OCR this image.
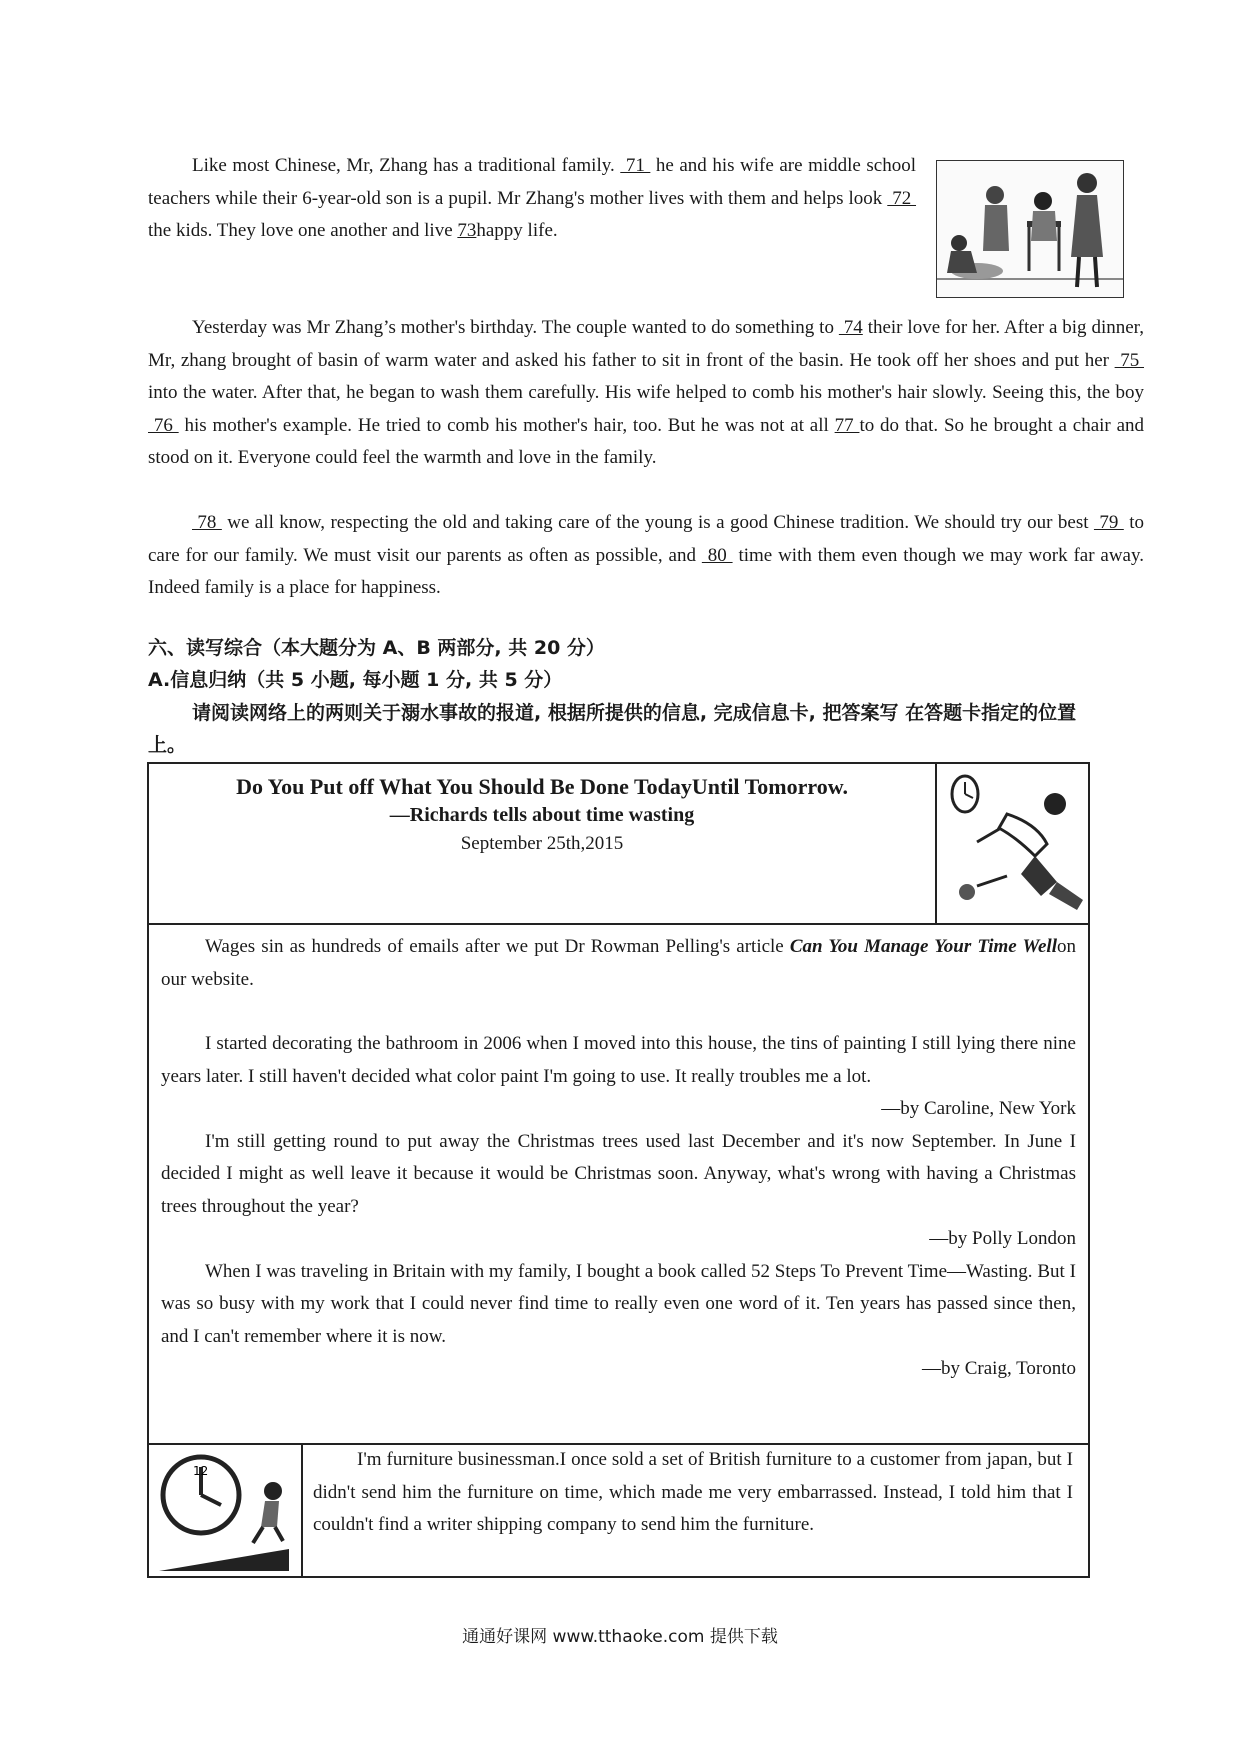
Like most Chinese, Mr, Zhang has a traditional family.  71  he and his wife are middle school teachers while their 6-year-old son is a pupil. Mr Zhang's mother lives with them and helps look  72  the kids. They love one another and live 73happy life.

Yesterday was Mr Zhang’s mother's birthday. The couple wanted to do something to  74 their love for her. After a big dinner, Mr, zhang brought of basin of warm water and asked his father to sit in front of the basin. He took off her shoes and put her  75  into the water. After that, he began to wash them carefully. His wife helped to comb his mother's hair slowly. Seeing this, the boy  76  his mother's example. He tried to comb his mother's hair, too. But he was not at all 77 to do that. So he brought a chair and stood on it. Everyone could feel the warmth and love in the family.

78  we all know, respecting the old and taking care of the young is a good Chinese tradition. We should try our best  79  to care for our family. We must visit our parents as often as possible, and  80  time with them even though we may work far away. Indeed family is a place for happiness.

六、读写综合（本大题分为 A、B 两部分, 共 20 分）

A.信息归纳（共 5 小题, 每小题 1 分, 共 5 分）

请阅读网络上的两则关于溺水事故的报道, 根据所提供的信息, 完成信息卡, 把答案写 在答题卡指定的位置上。

Do You Put off What You Should Be Done TodayUntil Tomorrow.

—Richards tells about time wasting

September 25th,2015

Wages sin as hundreds of emails after we put Dr Rowman Pelling's article Can You Manage Your Time Wellon our website.

I started decorating the bathroom in 2006 when I moved into this house, the tins of painting I still lying there nine years later. I still haven't decided what color paint I'm going to use. It really troubles me a lot.

—by Caroline, New York

I'm still getting round to put away the Christmas trees used last December and it's now September. In June I decided I might as well leave it because it would be Christmas soon. Anyway, what's wrong with having a Christmas trees throughout the year?

—by Polly London

When I was traveling in Britain with my family, I bought a book called 52 Steps To Prevent Time—Wasting. But I was so busy with my work that I could never find time to really even one word of it. Ten years has passed since then, and I can't remember where it is now.

—by Craig, Toronto

12

I'm furniture businessman.I once sold a set of British furniture to a customer from japan, but I didn't send him the furniture on time, which made me very embarrassed. Instead, I told him that I couldn't find a writer shipping company to send him the furniture.

通通好课网 www.tthaoke.com 提供下载
